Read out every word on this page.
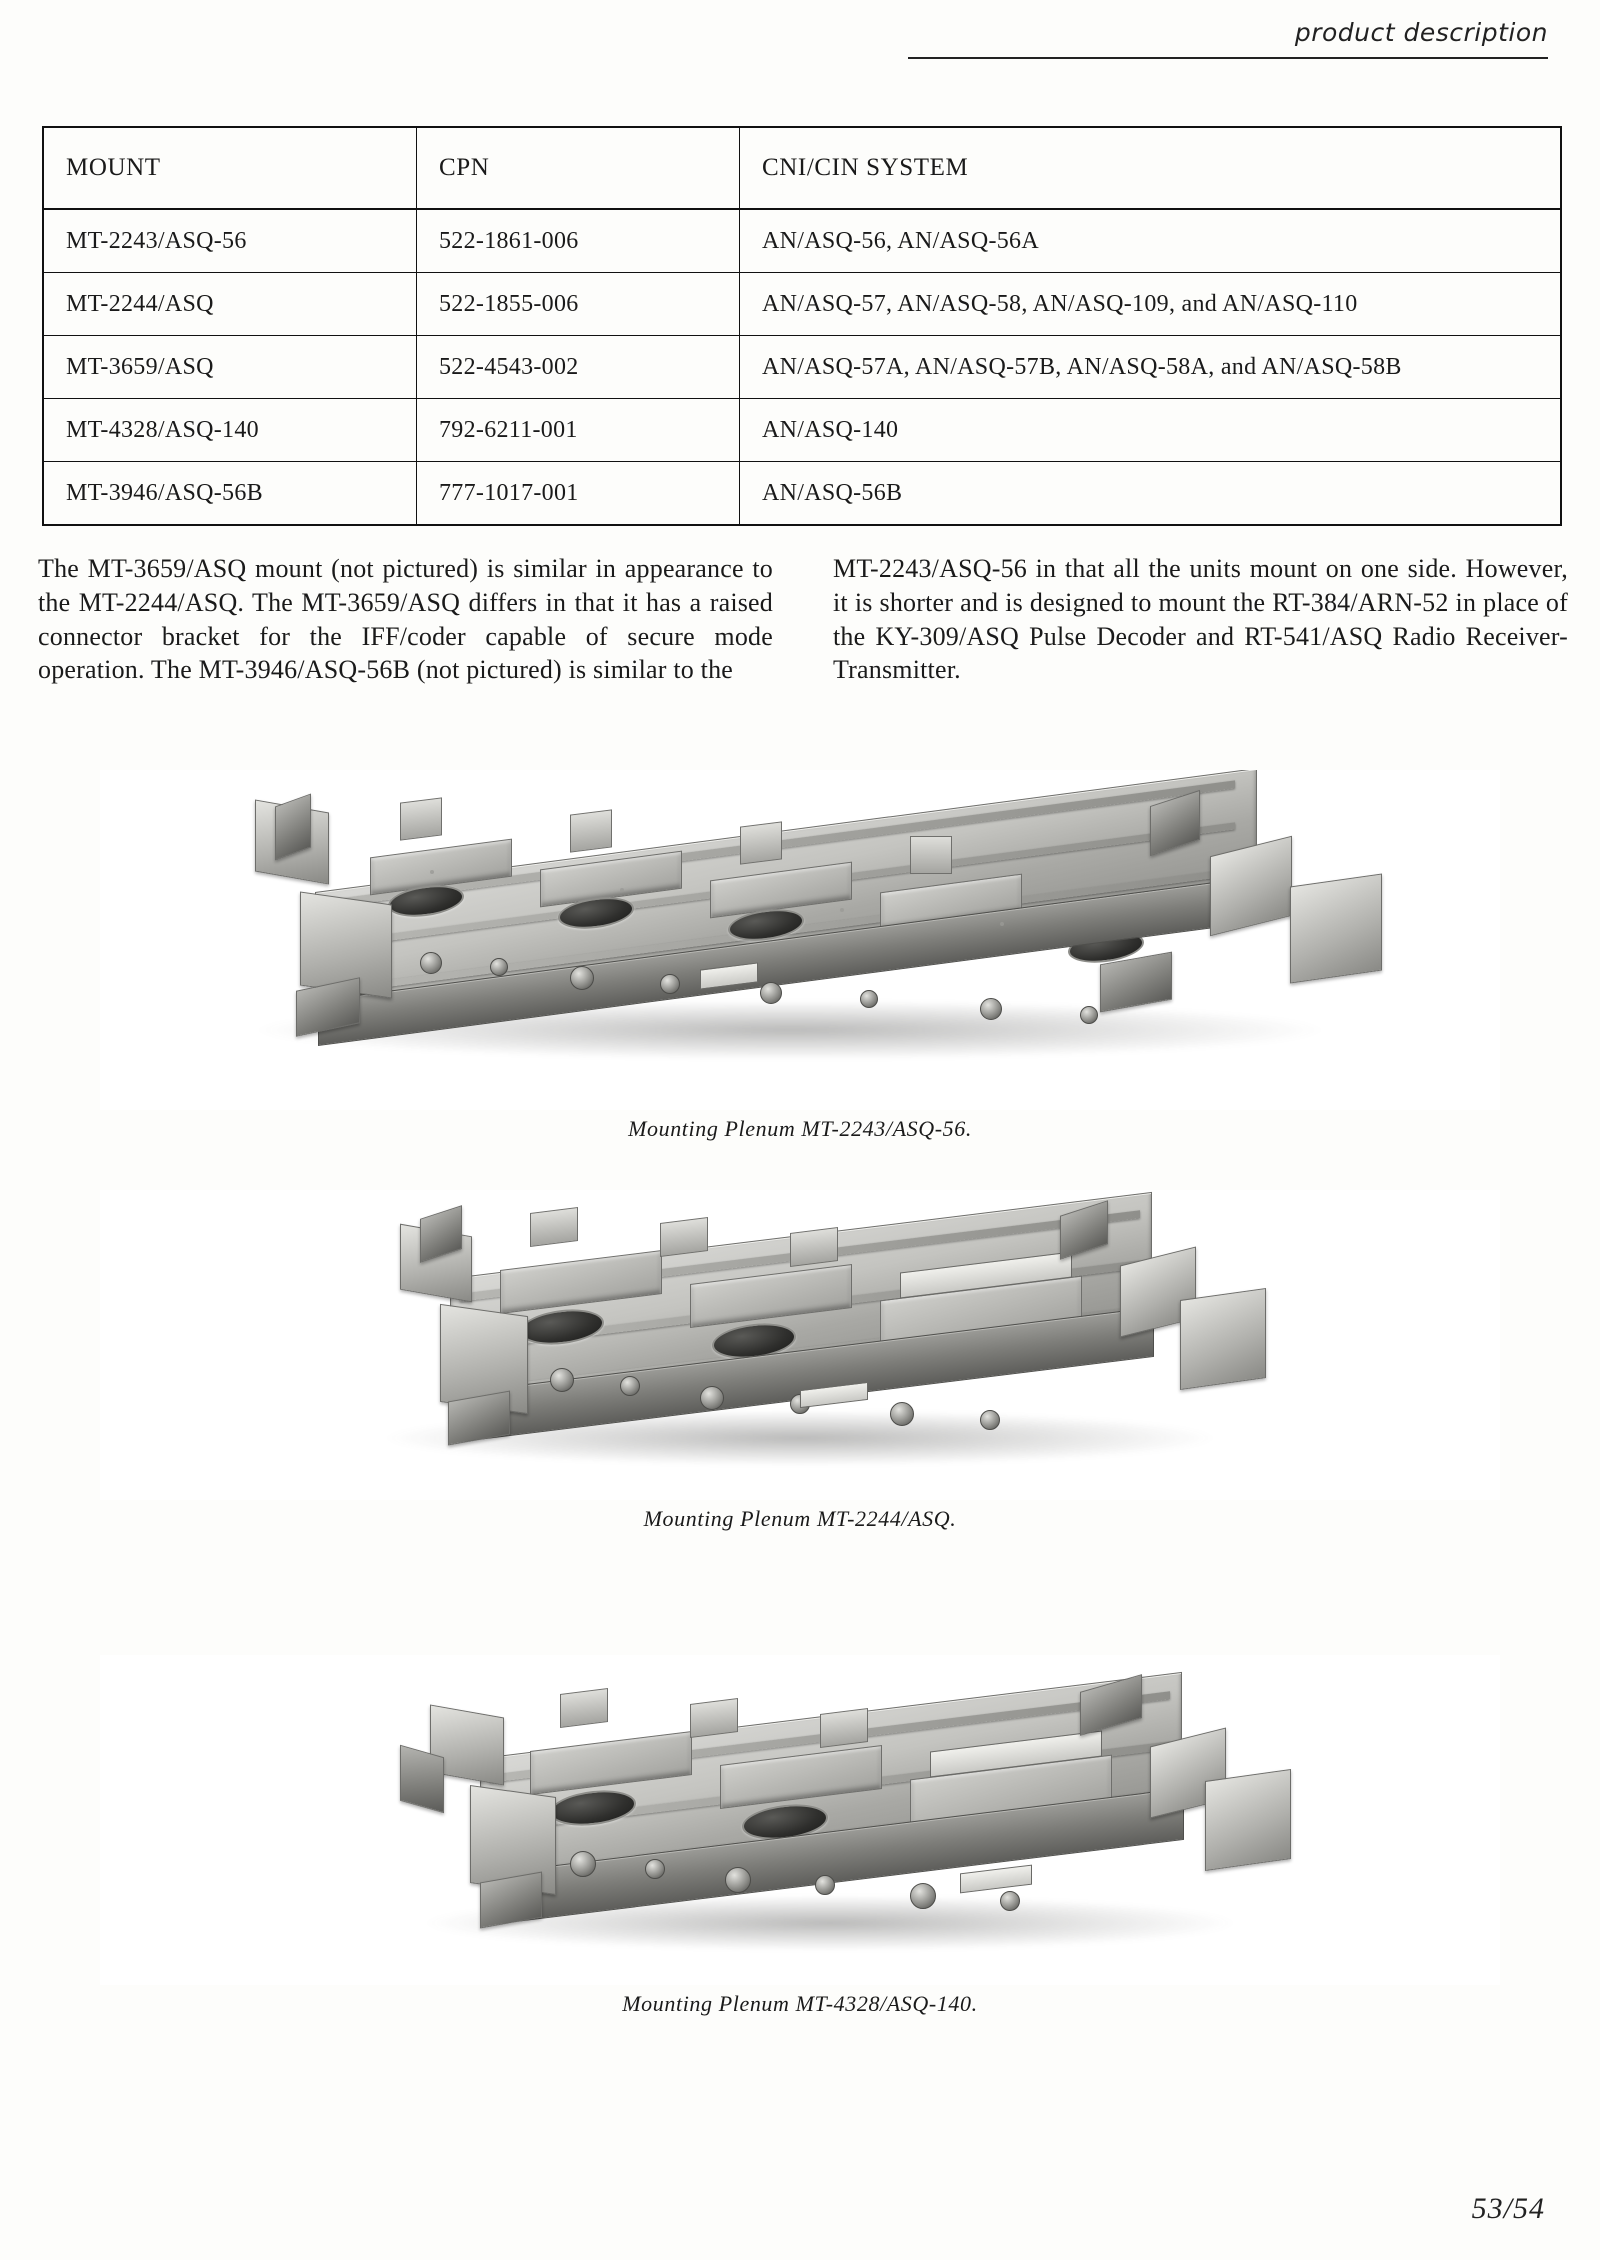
product description
MOUNT	CPN	CNI/CIN SYSTEM
MT-2243/ASQ-56	522-1861-006	AN/ASQ-56, AN/ASQ-56A
MT-2244/ASQ	522-1855-006	AN/ASQ-57, AN/ASQ-58, AN/ASQ-109, and AN/ASQ-110
MT-3659/ASQ	522-4543-002	AN/ASQ-57A, AN/ASQ-57B, AN/ASQ-58A, and AN/ASQ-58B
MT-4328/ASQ-140	792-6211-001	AN/ASQ-140
MT-3946/ASQ-56B	777-1017-001	AN/ASQ-56B

The MT-3659/ASQ mount (not pictured) is similar in appearance to the MT-2244/ASQ. The MT-3659/ASQ differs in that it has a raised connector bracket for the IFF/coder capable of secure mode operation. The MT-3946/ASQ-56B (not pictured) is similar to the

MT-2243/ASQ-56 in that all the units mount on one side. However, it is shorter and is designed to mount the RT-384/ARN-52 in place of the KY-309/ASQ Pulse Decoder and RT-541/ASQ Radio Receiver-Transmitter.

Mounting Plenum MT-2243/ASQ-56.
Mounting Plenum MT-2244/ASQ.
Mounting Plenum MT-4328/ASQ-140.
53/54
